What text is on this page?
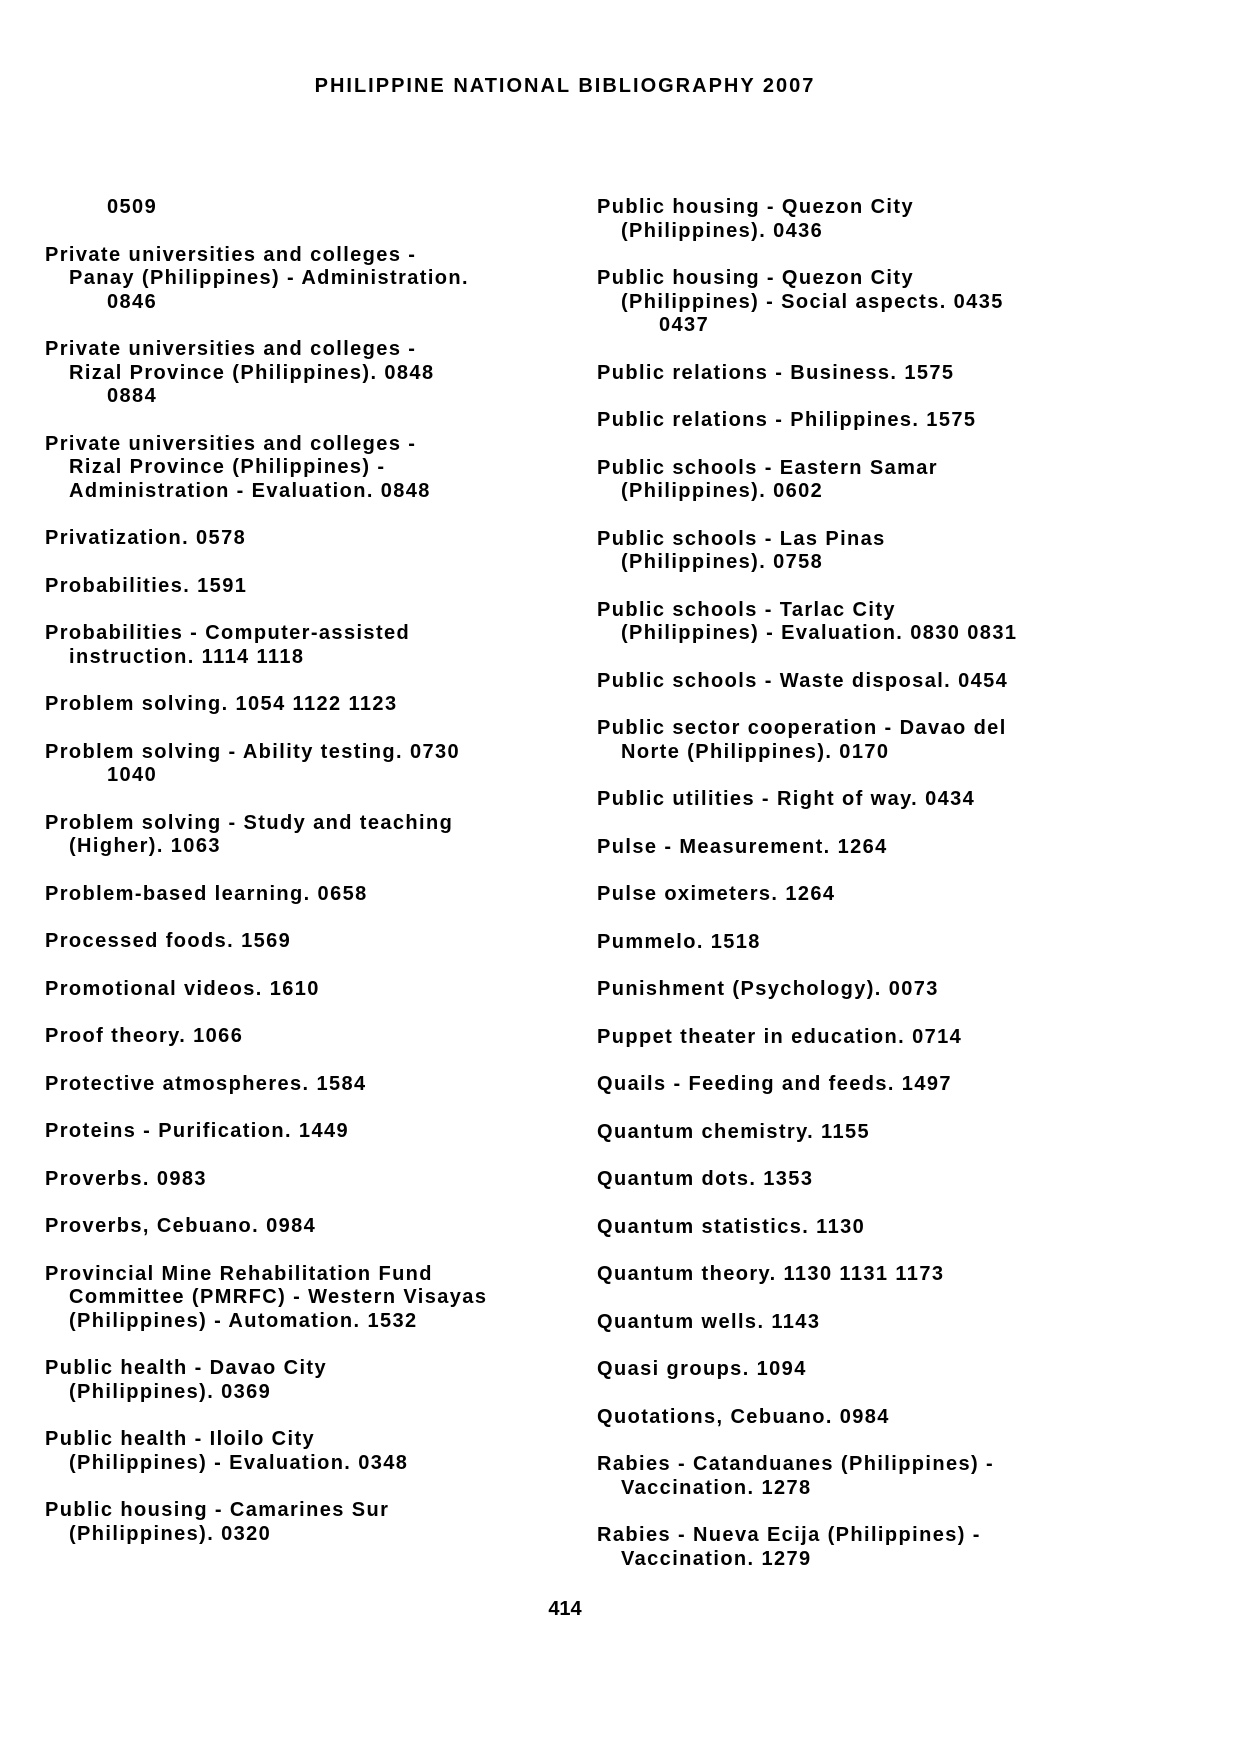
PHILIPPINE NATIONAL BIBLIOGRAPHY 2007
0509
Private universities and colleges -
Panay (Philippines) - Administration.
0846
Private universities and colleges -
Rizal Province (Philippines). 0848
0884
Private universities and colleges -
Rizal Province (Philippines) -
Administration - Evaluation. 0848
Privatization. 0578
Probabilities. 1591
Probabilities - Computer-assisted
instruction. 1114 1118
Problem solving. 1054 1122 1123
Problem solving - Ability testing. 0730
1040
Problem solving - Study and teaching
(Higher). 1063
Problem-based learning. 0658
Processed foods. 1569
Promotional videos. 1610
Proof theory. 1066
Protective atmospheres. 1584
Proteins - Purification. 1449
Proverbs. 0983
Proverbs, Cebuano. 0984
Provincial Mine Rehabilitation Fund
Committee (PMRFC) - Western Visayas
(Philippines) - Automation. 1532
Public health - Davao City
(Philippines). 0369
Public health - Iloilo City
(Philippines) - Evaluation. 0348
Public housing - Camarines Sur
(Philippines). 0320
Public housing - Quezon City
(Philippines). 0436
Public housing - Quezon City
(Philippines) - Social aspects. 0435
0437
Public relations - Business. 1575
Public relations - Philippines. 1575
Public schools - Eastern Samar
(Philippines). 0602
Public schools - Las Pinas
(Philippines). 0758
Public schools - Tarlac City
(Philippines) - Evaluation. 0830 0831
Public schools - Waste disposal. 0454
Public sector cooperation - Davao del
Norte (Philippines). 0170
Public utilities - Right of way. 0434
Pulse - Measurement. 1264
Pulse oximeters. 1264
Pummelo. 1518
Punishment (Psychology). 0073
Puppet theater in education. 0714
Quails - Feeding and feeds. 1497
Quantum chemistry. 1155
Quantum dots. 1353
Quantum statistics. 1130
Quantum theory. 1130 1131 1173
Quantum wells. 1143
Quasi groups. 1094
Quotations, Cebuano. 0984
Rabies - Catanduanes (Philippines) -
Vaccination. 1278
Rabies - Nueva Ecija (Philippines) -
Vaccination. 1279
414
